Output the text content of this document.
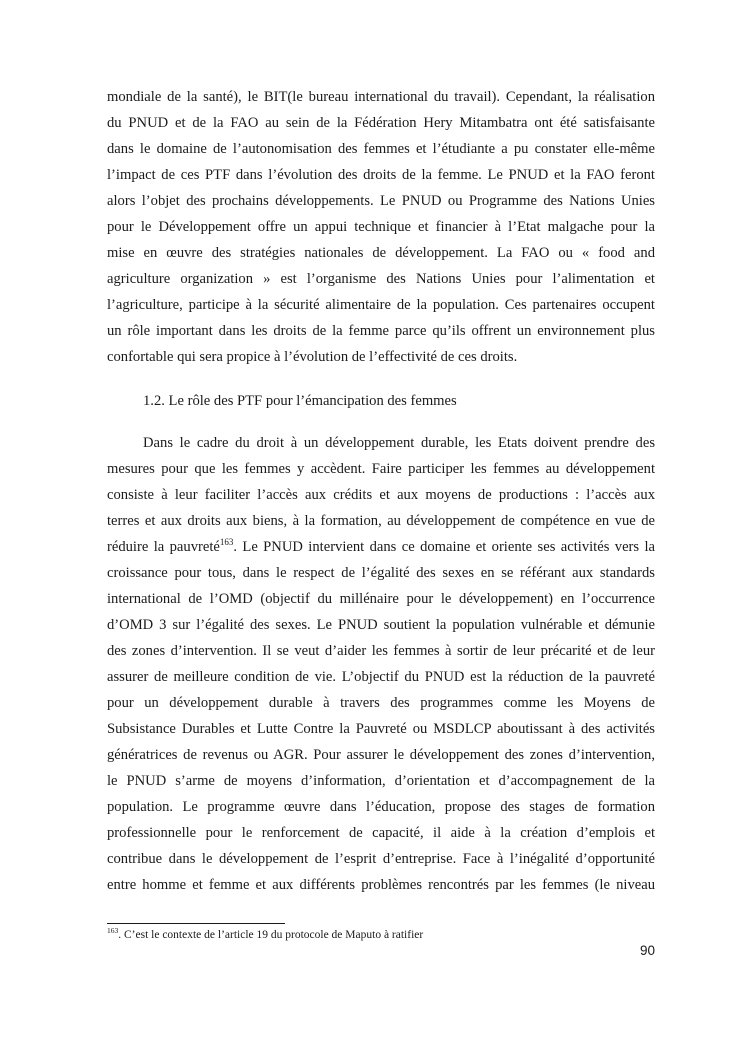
mondiale de la santé), le BIT(le bureau international du travail). Cependant, la réalisation
du PNUD et de la FAO au sein de la Fédération Hery Mitambatra ont été satisfaisante
dans le domaine de l’autonomisation des femmes et l’étudiante a pu constater elle-même
l’impact de ces PTF dans l’évolution des droits de la femme. Le PNUD et la FAO feront
alors l’objet des prochains développements. Le PNUD ou Programme des Nations Unies
pour le Développement offre un appui technique et financier à l’Etat malgache pour la
mise en œuvre des stratégies nationales de développement. La FAO ou « food and
agriculture organization » est l’organisme des Nations Unies pour l’alimentation et
l’agriculture, participe à la sécurité alimentaire de la population. Ces partenaires occupent
un rôle important dans les droits de la femme parce qu’ils offrent un environnement plus
confortable qui sera propice à l’évolution de l’effectivité de ces droits.
1.2. Le rôle des PTF pour l’émancipation des femmes
Dans le cadre du droit à un développement durable, les Etats doivent prendre des
mesures pour que les femmes y accèdent. Faire participer les femmes au développement
consiste à leur faciliter l’accès aux crédits et aux moyens de productions : l’accès aux
terres et aux droits aux biens, à la formation, au développement de compétence en vue de
réduire la pauvreté$^{163}$. Le PNUD intervient dans ce domaine et oriente ses activités vers la
croissance pour tous, dans le respect de l’égalité des sexes en se référant aux standards
international de l’OMD (objectif du millénaire pour le développement) en l’occurrence
d’OMD 3 sur l’égalité des sexes. Le PNUD soutient la population vulnérable et démunie
des zones d’intervention. Il se veut d’aider les femmes à sortir de leur précarité et de leur
assurer de meilleure condition de vie. L’objectif du PNUD est la réduction de la pauvreté
pour un développement durable à travers des programmes comme les Moyens de
Subsistance Durables et Lutte Contre la Pauvreté ou MSDLCP aboutissant à des activités
génératrices de revenus ou AGR. Pour assurer le développement des zones d’intervention,
le PNUD s’arme de moyens d’information, d’orientation et d’accompagnement de la
population. Le programme œuvre dans l’éducation, propose des stages de formation
professionnelle pour le renforcement de capacité, il aide à la création d’emplois et
contribue dans le développement de l’esprit d’entreprise. Face à l’inégalité d’opportunité
entre homme et femme et aux différents problèmes rencontrés par les femmes (le niveau
$^{163}$. C’est le contexte de l’article 19 du protocole de Maputo à ratifier
90
